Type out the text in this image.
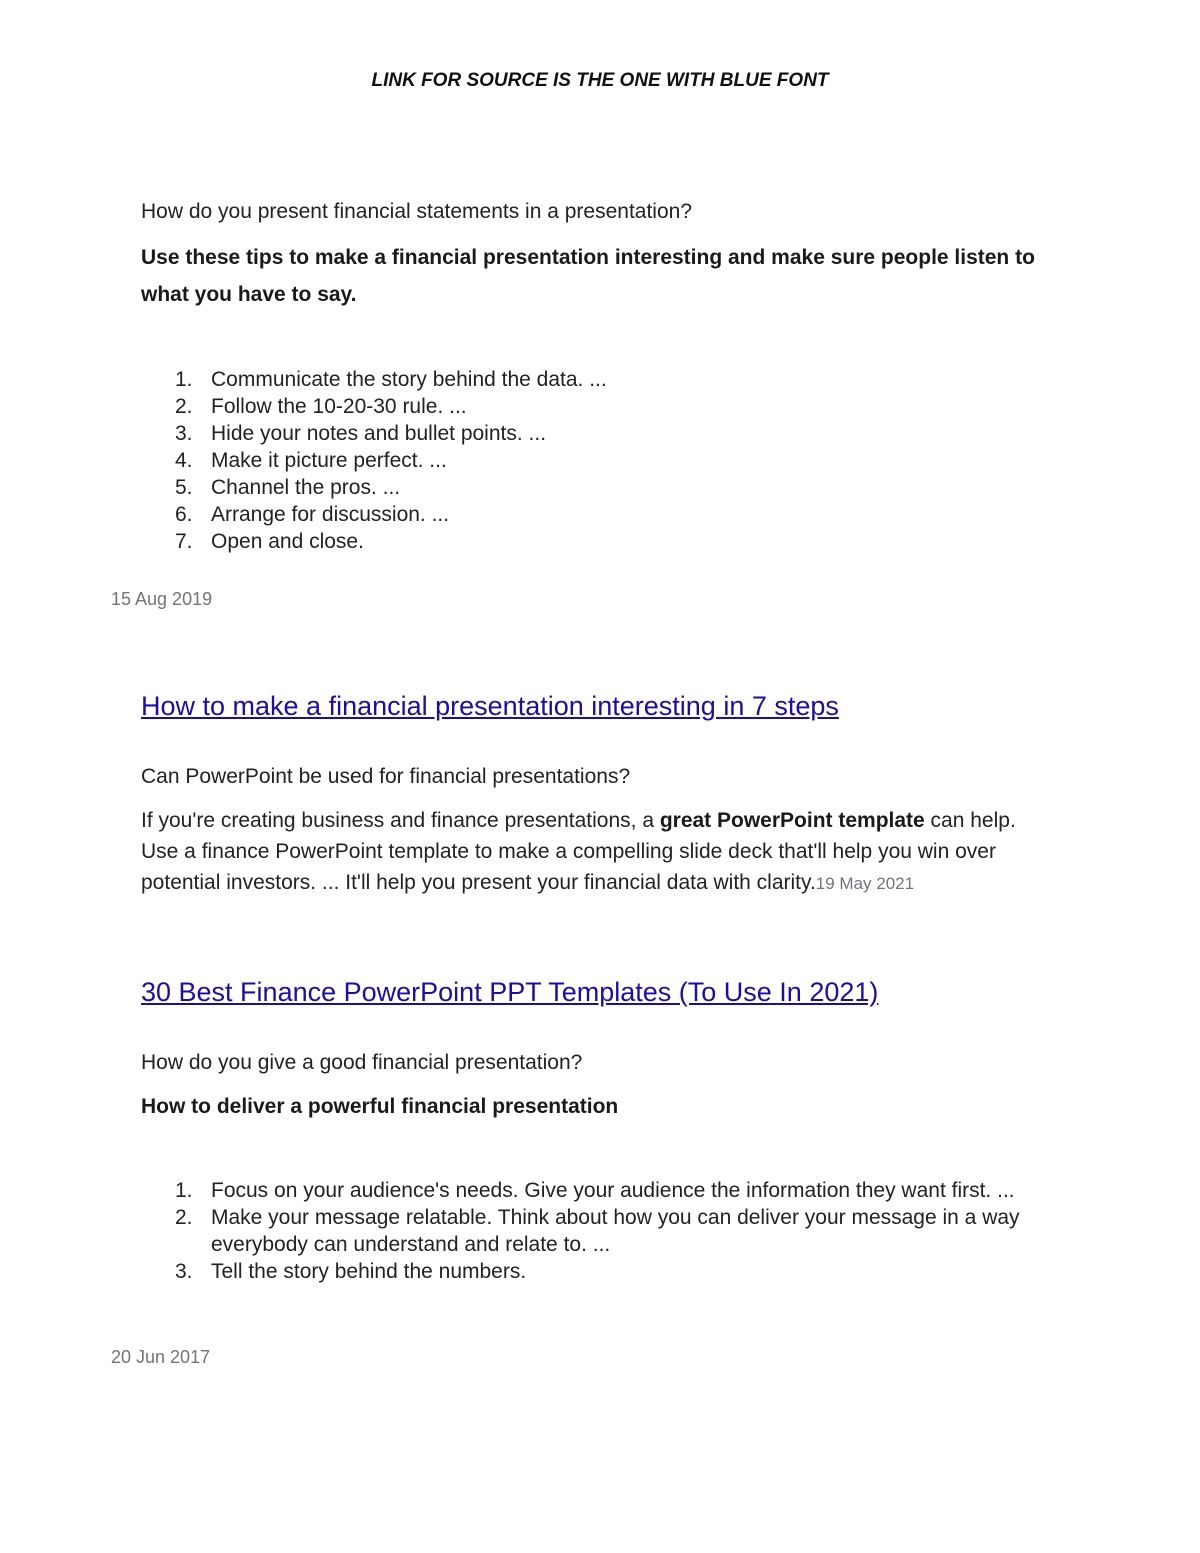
LINK FOR SOURCE IS THE ONE WITH BLUE FONT
How do you present financial statements in a presentation?
Use these tips to make a financial presentation interesting and make sure people listen to what you have to say.
1. Communicate the story behind the data. ...
2. Follow the 10-20-30 rule. ...
3. Hide your notes and bullet points. ...
4. Make it picture perfect. ...
5. Channel the pros. ...
6. Arrange for discussion. ...
7. Open and close.
15 Aug 2019
How to make a financial presentation interesting in 7 steps
Can PowerPoint be used for financial presentations?
If you're creating business and finance presentations, a great PowerPoint template can help. Use a finance PowerPoint template to make a compelling slide deck that'll help you win over potential investors. ... It'll help you present your financial data with clarity.19 May 2021
30 Best Finance PowerPoint PPT Templates (To Use In 2021)
How do you give a good financial presentation?
How to deliver a powerful financial presentation
1. Focus on your audience's needs. Give your audience the information they want first. ...
2. Make your message relatable. Think about how you can deliver your message in a way everybody can understand and relate to. ...
3. Tell the story behind the numbers.
20 Jun 2017
